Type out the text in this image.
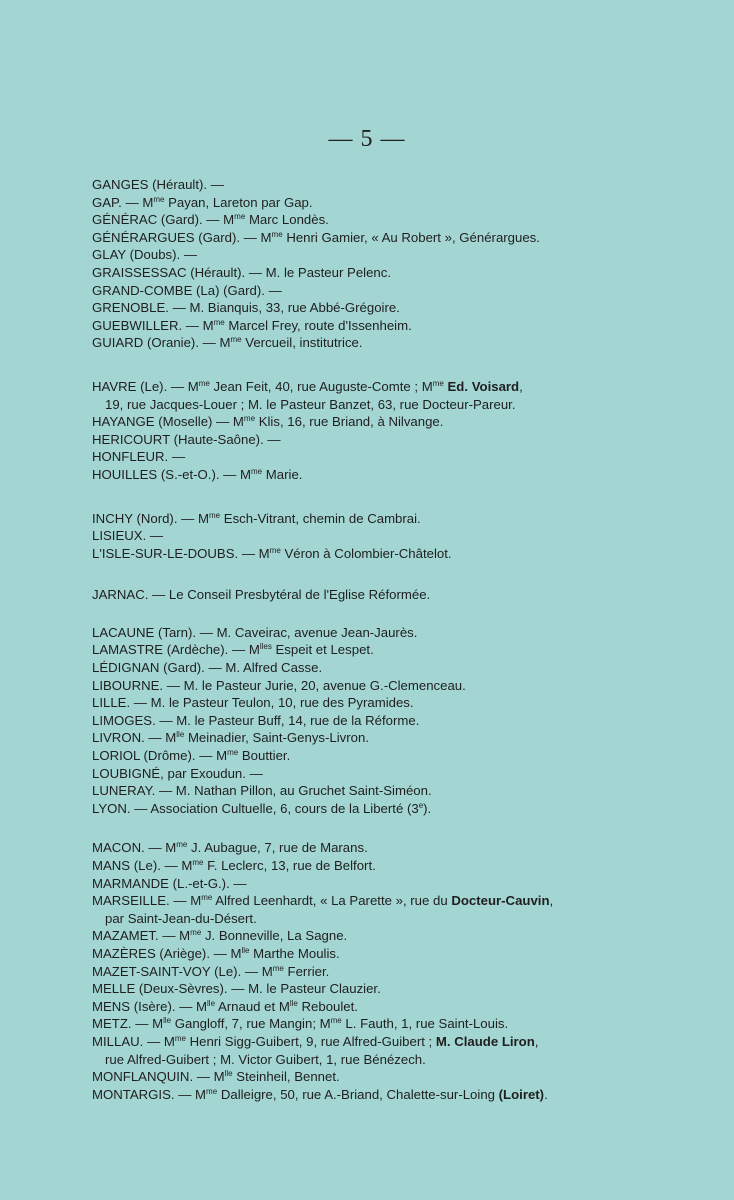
— 5 —
GANGES (Hérault). —
GAP. — $M^{me}$ Payan, Lareton par Gap.
GÉNÉRAC (Gard). — $M^{me}$ Marc Londès.
GÉNÉRARGUES (Gard). — $M^{me}$ Henri Gamier, « Au Robert », Générargues.
GLAY (Doubs). —
GRAISSESSAC (Hérault). — M. le Pasteur Pelenc.
GRAND-COMBE (La) (Gard). —
GRENOBLE. — M. Bianquis, 33, rue Abbé-Grégoire.
GUEBWILLER. — $M^{me}$ Marcel Frey, route d'Issenheim.
GUIARD (Oranie). — $M^{me}$ Vercueil, institutrice.
HAVRE (Le). — $M^{me}$ Jean Feit, 40, rue Auguste-Comte ; $M^{me}$ Ed. Voisard,
19, rue Jacques-Louer ; M. le Pasteur Banzet, 63, rue Docteur-Pareur.
HAYANGE (Moselle) — $M^{me}$ Klis, 16, rue Briand, à Nilvange.
HERICOURT (Haute-Saône). —
HONFLEUR. —
HOUILLES (S.-et-O.). — $M^{me}$ Marie.
INCHY (Nord). — $M^{me}$ Esch-Vitrant, chemin de Cambrai.
LISIEUX. —
L'ISLE-SUR-LE-DOUBS. — $M^{me}$ Véron à Colombier-Châtelot.
JARNAC. — Le Conseil Presbytéral de l'Eglise Réformée.
LACAUNE (Tarn). — M. Caveirac, avenue Jean-Jaurès.
LAMASTRE (Ardèche). — $M^{lles}$ Espeit et Lespet.
LÉDIGNAN (Gard). — M. Alfred Casse.
LIBOURNE. — M. le Pasteur Jurie, 20, avenue G.-Clemenceau.
LILLE. — M. le Pasteur Teulon, 10, rue des Pyramides.
LIMOGES. — M. le Pasteur Buff, 14, rue de la Réforme.
LIVRON. — $M^{lle}$ Meinadier, Saint-Genys-Livron.
LORIOL (Drôme). — $M^{me}$ Bouttier.
LOUBIGNÉ, par Exoudun. —
LUNERAY. — M. Nathan Pillon, au Gruchet Saint-Siméon.
LYON. — Association Cultuelle, 6, cours de la Liberté (3e).
MACON. — $M^{me}$ J. Aubague, 7, rue de Marans.
MANS (Le). — $M^{me}$ F. Leclerc, 13, rue de Belfort.
MARMANDE (L.-et-G.). —
MARSEILLE. — $M^{me}$ Alfred Leenhardt, « La Parette », rue du Docteur-Cauvin,
par Saint-Jean-du-Désert.
MAZAMET. — $M^{me}$ J. Bonneville, La Sagne.
MAZÈRES (Ariège). — $M^{lle}$ Marthe Moulis.
MAZET-SAINT-VOY (Le). — $M^{me}$ Ferrier.
MELLE (Deux-Sèvres). — M. le Pasteur Clauzier.
MENS (Isère). — $M^{lle}$ Arnaud et $M^{lle}$ Reboulet.
METZ. — $M^{lle}$ Gangloff, 7, rue Mangin; $M^{me}$ L. Fauth, 1, rue Saint-Louis.
MILLAU. — $M^{me}$ Henri Sigg-Guibert, 9, rue Alfred-Guibert ; M. Claude Liron,
rue Alfred-Guibert ; M. Victor Guibert, 1, rue Bénézech.
MONFLANQUIN. — $M^{lle}$ Steinheil, Bennet.
MONTARGIS. — $M^{me}$ Dalleigre, 50, rue A.-Briand, Chalette-sur-Loing (Loiret).
